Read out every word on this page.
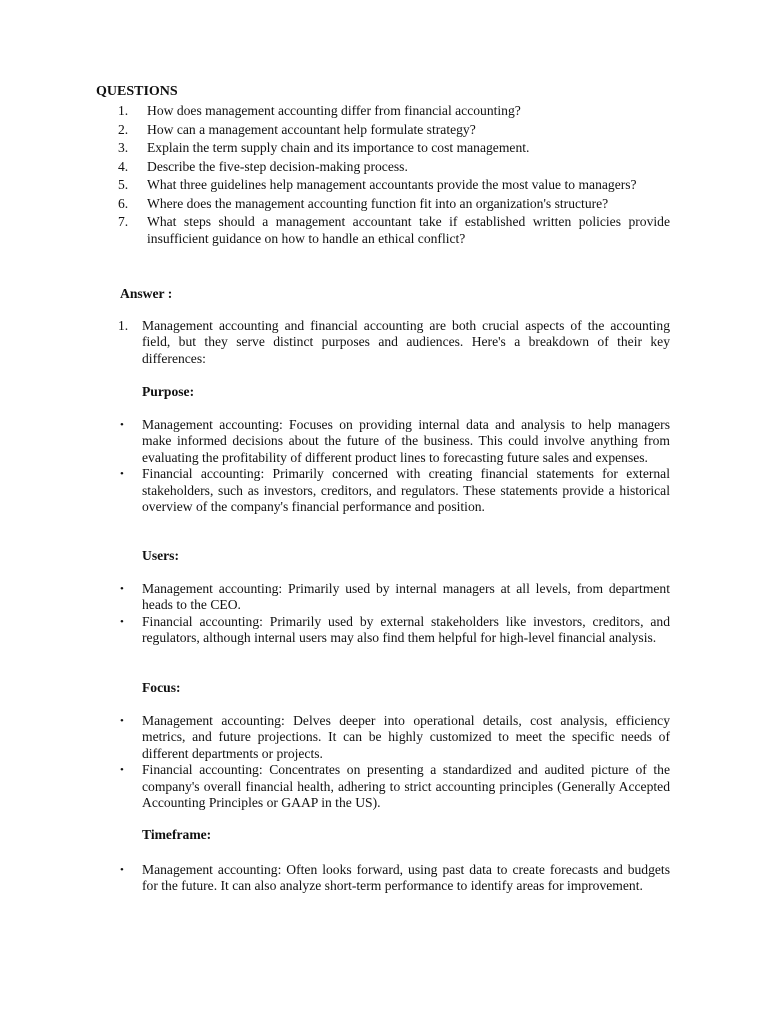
QUESTIONS
1.	How does management accounting differ from financial accounting?
2.	How can a management accountant help formulate strategy?
3.	Explain the term supply chain and its importance to cost management.
4.	Describe the five-step decision-making process.
5.	What three guidelines help management accountants provide the most value to managers?
6.	Where does the management accounting function fit into an organization's structure?
7.	What steps should a management accountant take if established written policies provide insufficient guidance on how to handle an ethical conflict?
Answer :
1.	Management accounting and financial accounting are both crucial aspects of the accounting field, but they serve distinct purposes and audiences. Here's a breakdown of their key differences:
Purpose:
•	Management accounting: Focuses on providing internal data and analysis to help managers make informed decisions about the future of the business. This could involve anything from evaluating the profitability of different product lines to forecasting future sales and expenses.
•	Financial accounting: Primarily concerned with creating financial statements for external stakeholders, such as investors, creditors, and regulators. These statements provide a historical overview of the company's financial performance and position.
Users:
•	Management accounting: Primarily used by internal managers at all levels, from department heads to the CEO.
•	Financial accounting: Primarily used by external stakeholders like investors, creditors, and regulators, although internal users may also find them helpful for high-level financial analysis.
Focus:
•	Management accounting: Delves deeper into operational details, cost analysis, efficiency metrics, and future projections. It can be highly customized to meet the specific needs of different departments or projects.
•	Financial accounting: Concentrates on presenting a standardized and audited picture of the company's overall financial health, adhering to strict accounting principles (Generally Accepted Accounting Principles or GAAP in the US).
Timeframe:
•	Management accounting: Often looks forward, using past data to create forecasts and budgets for the future. It can also analyze short-term performance to identify areas for improvement.
